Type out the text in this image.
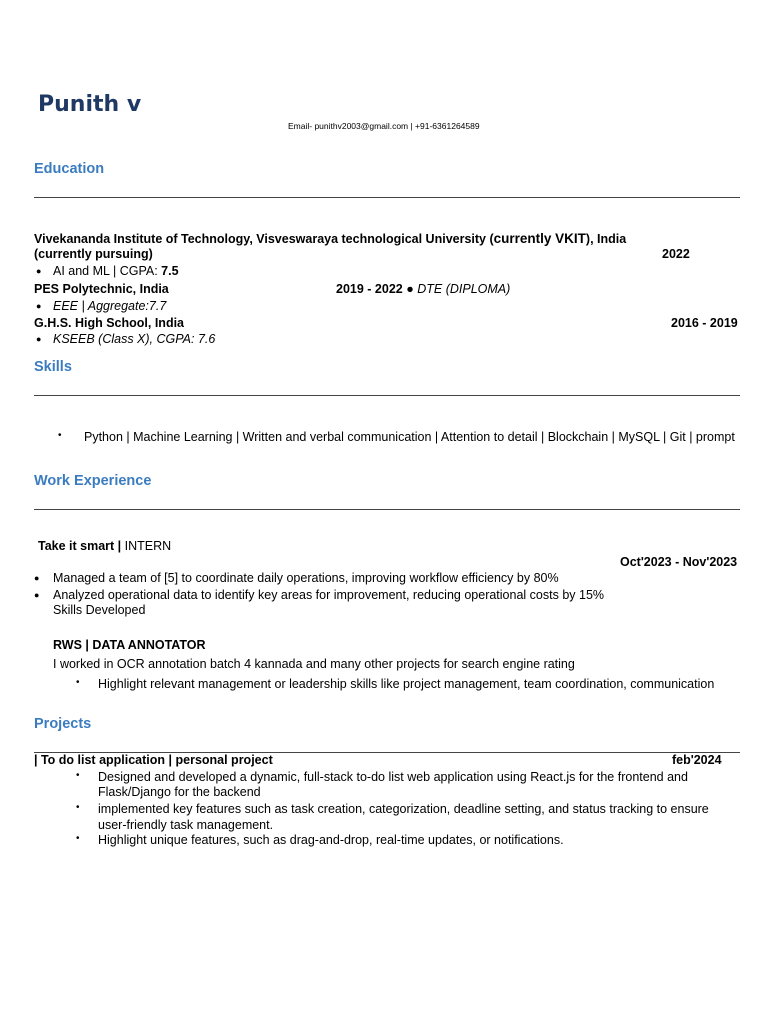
Punith v
Email- punithv2003@gmail.com | +91-6361264589
Education
Vivekananda Institute of Technology, Visveswaraya technological University (currently VKIT), India
(currently pursuing)	2022
● AI and ML | CGPA: 7.5
PES Polytechnic, India	2019 - 2022 ● DTE (DIPLOMA)
● EEE | Aggregate:7.7
G.H.S. High School, India	2016 - 2019
● KSEEB (Class X), CGPA: 7.6
Skills
• Python | Machine Learning | Written and verbal communication | Attention to detail | Blockchain | MySQL | Git | prompt
Work Experience
Take it smart | INTERN
Oct'2023 - Nov'2023
● Managed a team of [5] to coordinate daily operations, improving workflow efficiency by 80%
● Analyzed operational data to identify key areas for improvement, reducing operational costs by 15%
Skills Developed
RWS | DATA ANNOTATOR
I worked in OCR annotation batch 4 kannada and many other projects for search engine rating
• Highlight relevant management or leadership skills like project management, team coordination, communication
Projects
| To do list application | personal project	feb'2024
• Designed and developed a dynamic, full-stack to-do list web application using React.js for the frontend and
Flask/Django for the backend
• implemented key features such as task creation, categorization, deadline setting, and status tracking to ensure
user-friendly task management.
• Highlight unique features, such as drag-and-drop, real-time updates, or notifications.
